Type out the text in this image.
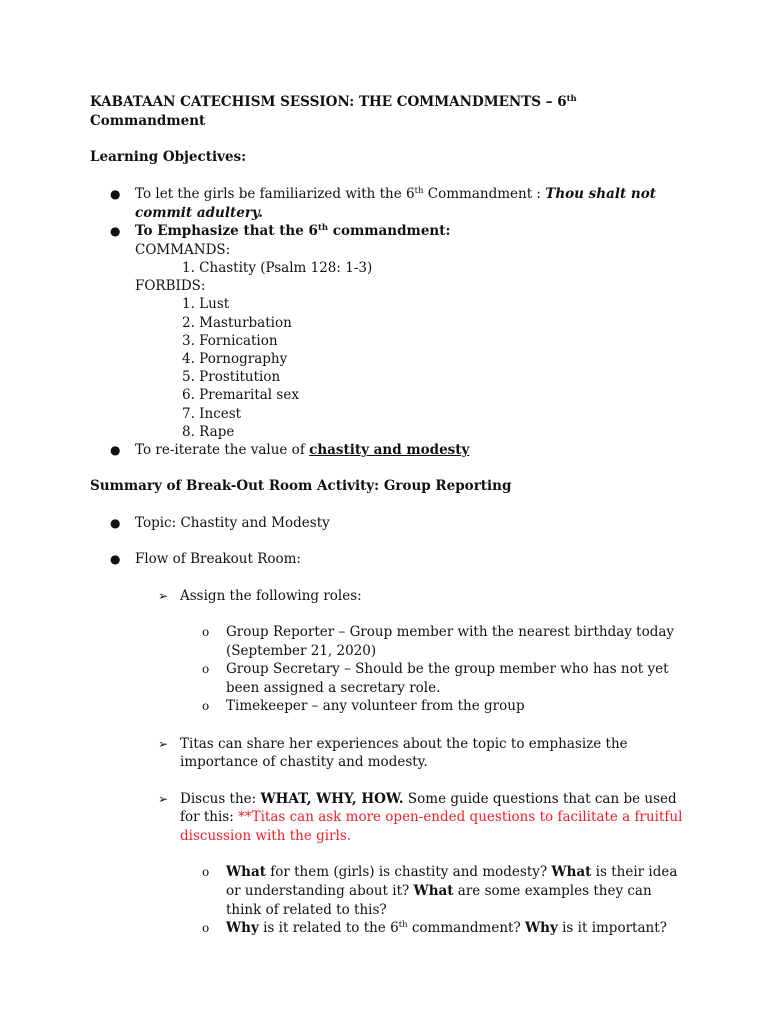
KABATAAN CATECHISM SESSION: THE COMMANDMENTS – 6th Commandment

Learning Objectives:

● To let the girls be familiarized with the 6th Commandment : Thou shalt not commit adultery.
● To Emphasize that the 6th commandment:
COMMANDS:
1. Chastity (Psalm 128: 1-3)
FORBIDS:
1. Lust
2. Masturbation
3. Fornication
4. Pornography
5. Prostitution
6. Premarital sex
7. Incest
8. Rape
● To re-iterate the value of chastity and modesty

Summary of Break-Out Room Activity: Group Reporting

● Topic: Chastity and Modesty
● Flow of Breakout Room:
➢ Assign the following roles:
o Group Reporter – Group member with the nearest birthday today (September 21, 2020)
o Group Secretary – Should be the group member who has not yet been assigned a secretary role.
o Timekeeper – any volunteer from the group
➢ Titas can share her experiences about the topic to emphasize the importance of chastity and modesty.
➢ Discus the: WHAT, WHY, HOW. Some guide questions that can be used for this: **Titas can ask more open-ended questions to facilitate a fruitful discussion with the girls.
o What for them (girls) is chastity and modesty? What is their idea or understanding about it? What are some examples they can think of related to this?
o Why is it related to the 6th commandment? Why is it important?
